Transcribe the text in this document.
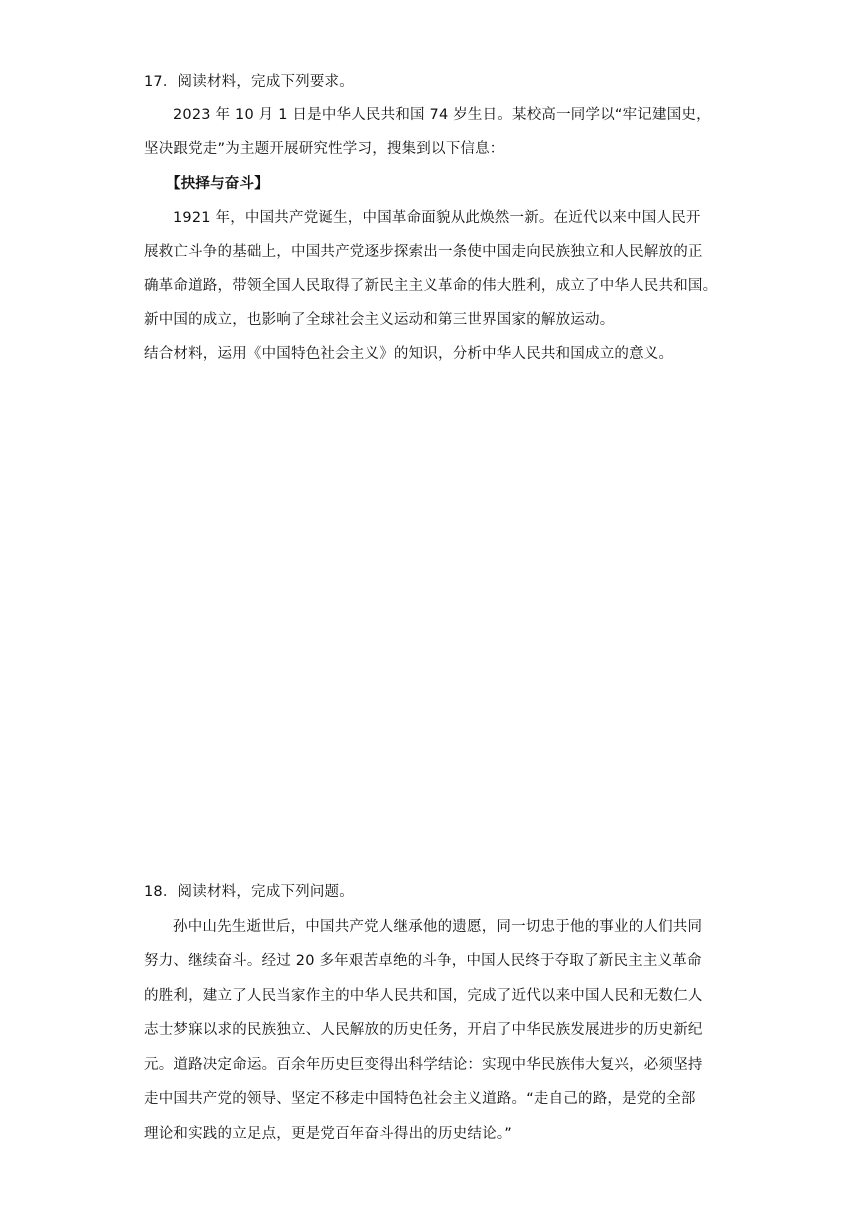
17．阅读材料，完成下列要求。
2023 年 10 月 1 日是中华人民共和国 74 岁生日。某校高一同学以“牢记建国史，
坚决跟党走”为主题开展研究性学习，搜集到以下信息：
【抉择与奋斗】
1921 年，中国共产党诞生，中国革命面貌从此焕然一新。在近代以来中国人民开
展救亡斗争的基础上，中国共产党逐步探索出一条使中国走向民族独立和人民解放的正
确革命道路，带领全国人民取得了新民主主义革命的伟大胜利，成立了中华人民共和国。
新中国的成立，也影响了全球社会主义运动和第三世界国家的解放运动。
结合材料，运用《中国特色社会主义》的知识，分析中华人民共和国成立的意义。
18．阅读材料，完成下列问题。
孙中山先生逝世后，中国共产党人继承他的遗愿，同一切忠于他的事业的人们共同
努力、继续奋斗。经过 20 多年艰苦卓绝的斗争，中国人民终于夺取了新民主主义革命
的胜利，建立了人民当家作主的中华人民共和国，完成了近代以来中国人民和无数仁人
志士梦寐以求的民族独立、人民解放的历史任务，开启了中华民族发展进步的历史新纪
元。道路决定命运。百余年历史巨变得出科学结论：实现中华民族伟大复兴，必须坚持
走中国共产党的领导、坚定不移走中国特色社会主义道路。“走自己的路，是党的全部
理论和实践的立足点，更是党百年奋斗得出的历史结论。”
